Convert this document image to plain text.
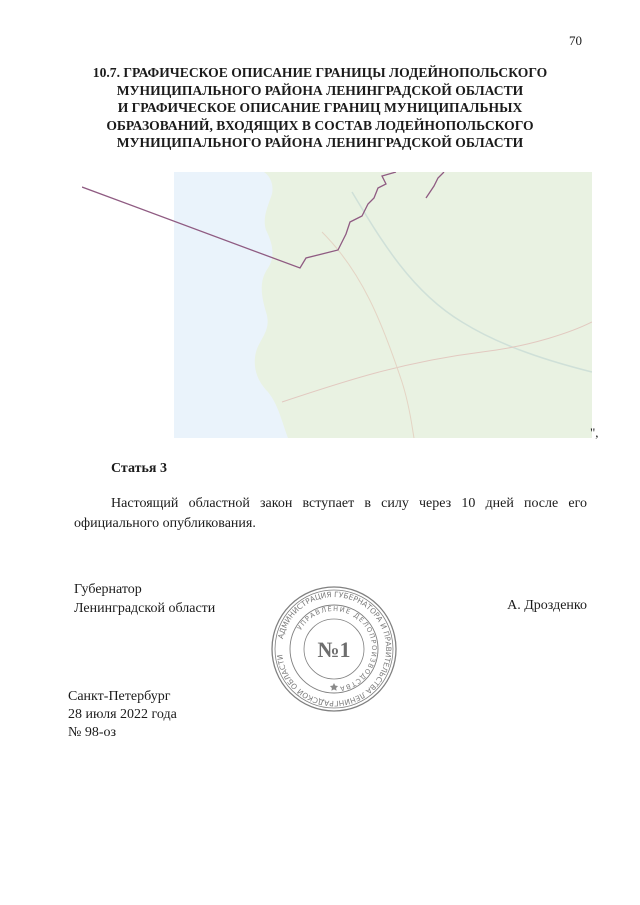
70
10.7. ГРАФИЧЕСКОЕ ОПИСАНИЕ ГРАНИЦЫ ЛОДЕЙНОПОЛЬСКОГО
МУНИЦИПАЛЬНОГО РАЙОНА ЛЕНИНГРАДСКОЙ ОБЛАСТИ
И ГРАФИЧЕСКОЕ ОПИСАНИЕ ГРАНИЦ МУНИЦИПАЛЬНЫХ
ОБРАЗОВАНИЙ, ВХОДЯЩИХ В СОСТАВ ЛОДЕЙНОПОЛЬСКОГО
МУНИЦИПАЛЬНОГО РАЙОНА ЛЕНИНГРАДСКОЙ ОБЛАСТИ
",
Статья 3

Настоящий областной закон вступает в силу через 10 дней после его

официального опубликования.

Губернатор
Ленинградской области	А. Дрозденко
АДМИНИСТРАЦИЯ ГУБЕРНАТОРА И ПРАВИТЕЛЬСТВА ЛЕНИНГРАДСКОЙ ОБЛАСТИ
УПРАВЛЕНИЕ ДЕЛОПРОИЗВОДСТВА
№1
Санкт-Петербург
28 июля 2022 года
№ 98-оз
